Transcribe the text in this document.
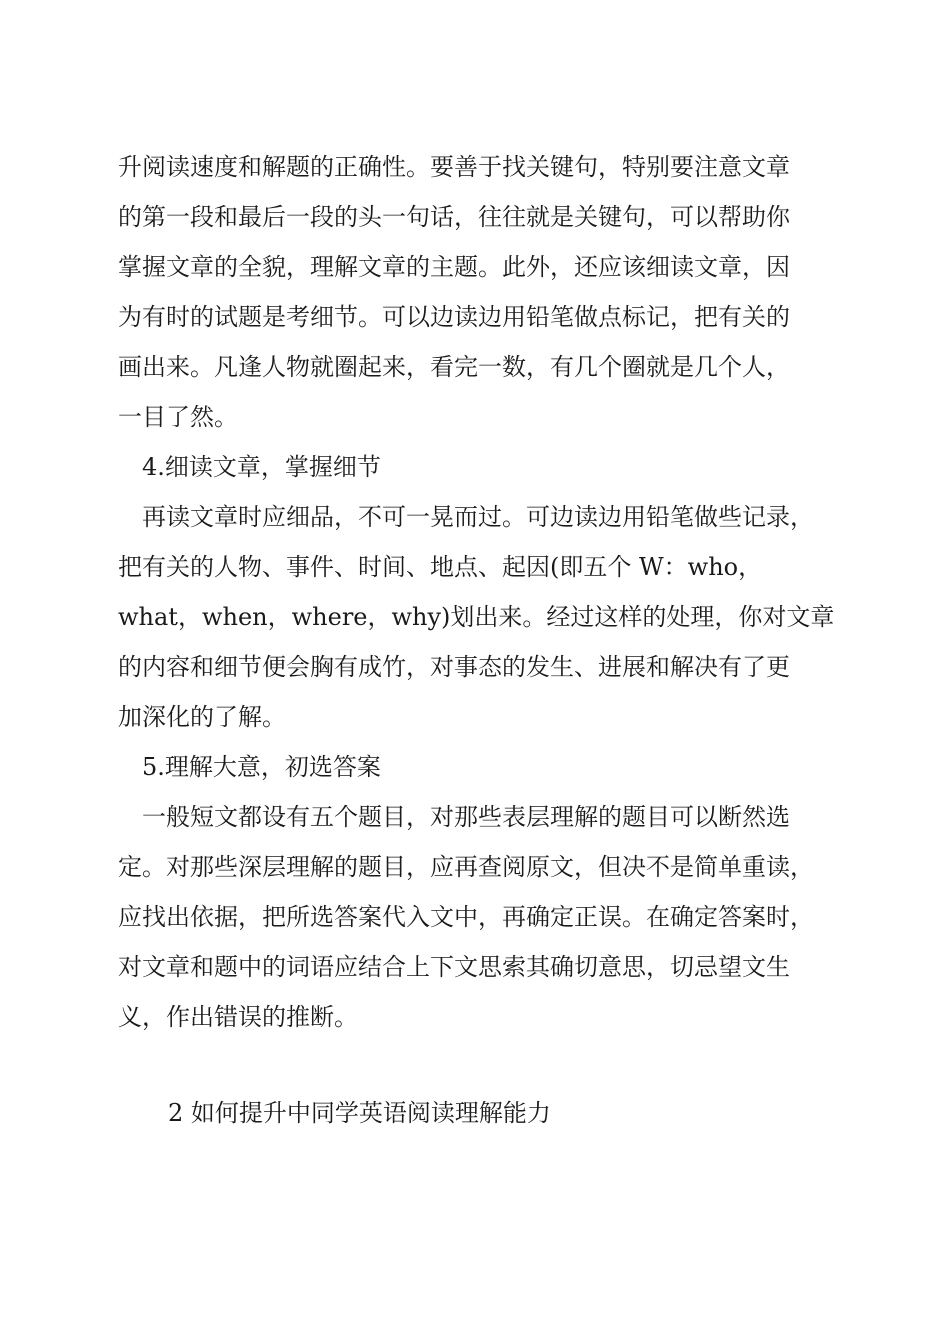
升阅读速度和解题的正确性。要善于找关键句，特别要注意文章
的第一段和最后一段的头一句话，往往就是关键句，可以帮助你
掌握文章的全貌，理解文章的主题。此外，还应该细读文章，因
为有时的试题是考细节。可以边读边用铅笔做点标记，把有关的
画出来。凡逢人物就圈起来，看完一数，有几个圈就是几个人，
一目了然。
4.细读文章，掌握细节
再读文章时应细品，不可一晃而过。可边读边用铅笔做些记录，
把有关的人物、事件、时间、地点、起因(即五个 W：who，
what，when，where，why)划出来。经过这样的处理，你对文章
的内容和细节便会胸有成竹，对事态的发生、进展和解决有了更
加深化的了解。
5.理解大意，初选答案
一般短文都设有五个题目，对那些表层理解的题目可以断然选
定。对那些深层理解的题目，应再查阅原文，但决不是简单重读，
应找出依据，把所选答案代入文中，再确定正误。在确定答案时，
对文章和题中的词语应结合上下文思索其确切意思，切忌望文生
义，作出错误的推断。
2 如何提升中同学英语阅读理解能力
